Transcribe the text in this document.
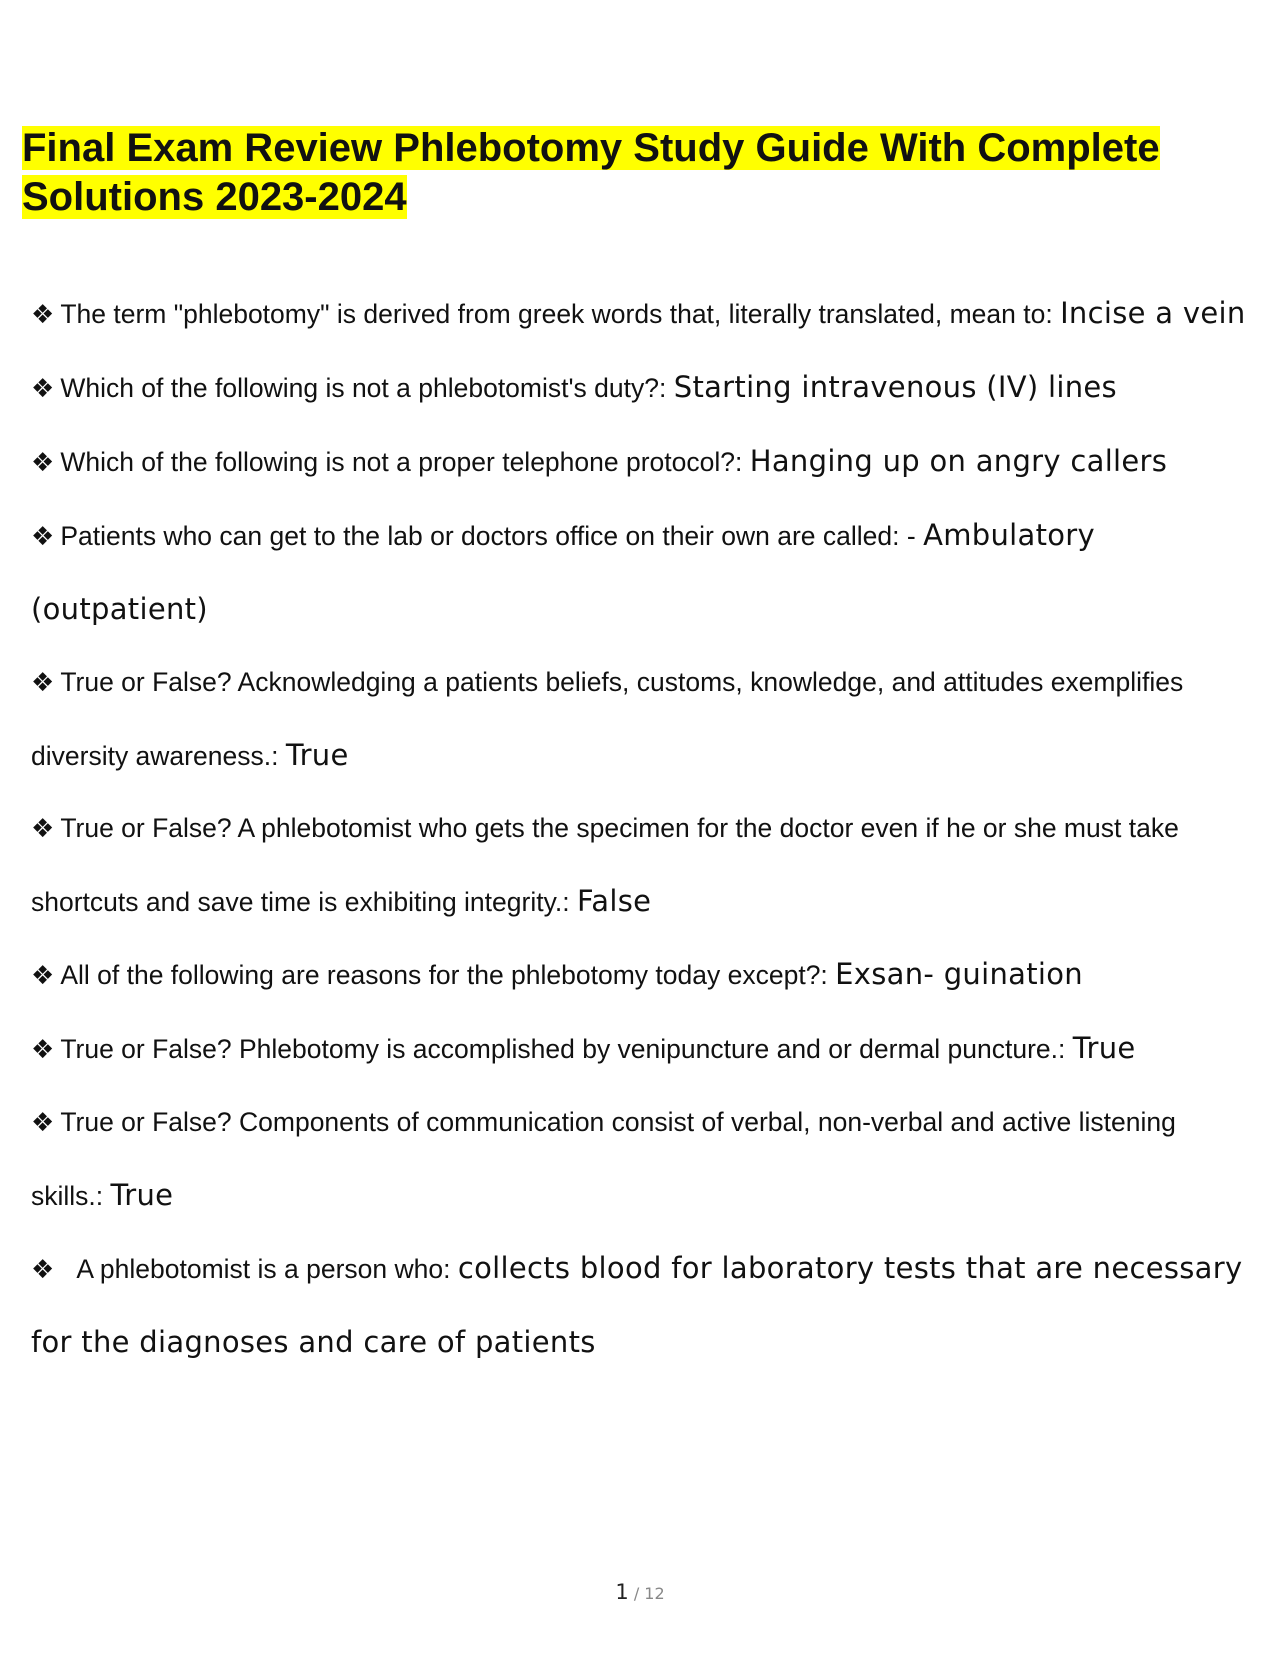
Final Exam Review Phlebotomy Study Guide With Complete Solutions 2023-2024

❖ The term "phlebotomy" is derived from greek words that, literally translated, mean to: Incise a vein

❖ Which of the following is not a phlebotomist's duty?: Starting intravenous (IV) lines

❖ Which of the following is not a proper telephone protocol?: Hanging up on angry callers

❖ Patients who can get to the lab or doctors office on their own are called: - Ambulatory (outpatient)

❖ True or False? Acknowledging a patients beliefs, customs, knowledge, and attitudes exemplifies diversity awareness.: True

❖ True or False? A phlebotomist who gets the specimen for the doctor even if he or she must take shortcuts and save time is exhibiting integrity.: False

❖ All of the following are reasons for the phlebotomy today except?: Exsan- guination

❖ True or False? Phlebotomy is accomplished by venipuncture and or dermal puncture.: True

❖ True or False? Components of communication consist of verbal, non-verbal and active listening skills.: True

❖ A phlebotomist is a person who: collects blood for laboratory tests that are necessary for the diagnoses and care of patients

1 / 12
